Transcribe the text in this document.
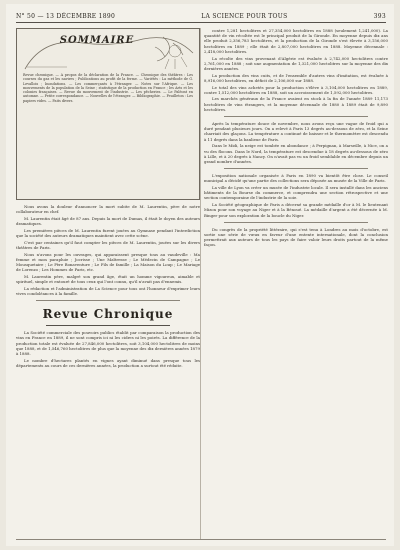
N° 50 — 13 DÉCEMBRE 1890	LA SCIENCE POUR TOUS	393
SOMMAIRE
Revue chronique. — A propos de la déclaration de la France. — Chronique des théâtres : Les courses du gaz et les navires ; Publications au profit de la ferme. — Variétés : La méthode de G. Levallois ; Inondations. — Les commerçants à l'étranger. — Notes sur l'Afrique. — Les mouvements de la population de la Seine ; statistique de la production en France ; les Arts et les colonies françaises. — Revue du mouvement de l'industrie. — Les pêcheries. — Le Paléont en automne. — Petite correspondance. — Nouvelles de l'étranger. — Bibliographie. — Feuilleton : Les papiers vides. — Faits divers.

Nous avons la douleur d'annoncer la mort subite de M. Laurentin, père de notre collaborateur en chef.

M. Laurentin était âgé de 87 ans. Depuis la mort de Dumas, il était le doyen des auteurs dramatiques.

Les premières pièces de M. Laurentin furent jouées au Gymnase pendant l'interdiction que la société des auteurs dramatiques maintient avec cette scène.

C'est par centaines qu'il faut compter les pièces de M. Laurentin, jouées sur les divers théâtres de Paris.

Nous n'avons pour les ouvrages, qui apparaissent presque tous au vaudeville : Ma femme et mon parapluie ; Jocrisse ; Une Maîtresse ; Le Médecin de Campagne ; Le Mousquetaire ; Le Père Bonaventure ; Le Fils de famille ; La Maison du Loup ; Le Mariage de Lorenzo ; Les Hommes de Paris, etc.

M. Laurentin père, malgré son grand âge, était un homme vigoureux, aimable et spirituel, simple et entouré de tous ceux qui l'ont connu, qu'il n'avait pas d'ennemis.

La rédaction et l'administration de La Science pour tous ont l'honneur d'exprimer leurs vives condoléances à la famille.

Revue Chronique

La Société commerciale des pouvoirs publics établit par comparaison la production des vins en France en 1889, il ne sont compris ici ni les cidres ni les poirés. La différence de la production totale est évaluée de 27,846,000 hectolitres, soit 3,104,000 hectolitres de moins que 1888, et de 1,546,760 hectolitres de plus que la moyenne des dix dernières années 1879 à 1888.

Le nombre d'hectares plantés en vignes ayant diminué dans presque tous les départements au cours de ces dernières années, la production a surtout été réduite.

contre 1,281 hectolitres et 27,354,000 hectolitres en 1888 (seulement 1,241,000). La quantité de vin récoltée est le principal produit de la Gironde. En moyenne depuis dix ans elle produit 2,356,783 hectolitres, et la production de la Gironde s'est élevée à 3,156,000 hectolitres en 1889 ; elle était de 2,807,000 hectolitres en 1888. Moyenne décennale : 2,418,000 hectolitres.

La récolte des vins provenant d'Algérie est évaluée à 2,742,000 hectolitres contre 2,761,000 en 1888 ; soit une augmentation de 1,321,000 hectolitres sur la moyenne des dix dernières années.

La production des vins cuits, et de l'ensemble d'autres vins d'imitation, est évaluée à 8,916,000 hectolitres, en déficit de 2,106,000 sur 1888.

Le total des vins achetés pour la production s'élève à 3,104,000 hectolitres en 1889, contre 1,512,000 hectolitres en 1888, soit un accroissement de 1,592,000 hectolitres.

Les marchés généraux de la France avaient en stock à la fin de l'année 1889 11,173 hectolitres de vins étrangers, et la moyenne décennale de 1880 à 1889 était de 9,890 hectolitres.

Après la température douce de novembre, nous avons reçu une vague de froid qui a duré pendant plusieurs jours. On a relevé à Paris 13 degrés au-dessous de zéro, et la Seine charriait des glaçons. La température a continué de baisser et le thermomètre est descendu à 11 degrés dans la banlieue de Paris.

Dans le Midi, la neige est tombée en abondance ; à Perpignan, à Marseille, à Nice, on a vu des flocons. Dans le Nord, la température est descendue à 18 degrés au-dessous de zéro à Lille, et à 20 degrés à Nancy. On n'avait pas vu un froid semblable en décembre depuis un grand nombre d'années.

L'exposition nationale organisée à Paris en 1890 va bientôt être close. Le conseil municipal a décidé qu'une partie des collections sera déposée au musée de la Ville de Paris.

La ville de Lyon va créer un musée de l'industrie locale. Il sera installé dans les anciens bâtiments de la Bourse du commerce, et comprendra une section rétrospective et une section contemporaine de l'industrie de la soie.

La Société géographique de Paris a décerné sa grande médaille d'or à M. le lieutenant Mizon pour son voyage au Niger et à la Bénoué. La médaille d'argent a été décernée à M. Binger pour son exploration de la boucle du Niger.

Du congrès de la propriété littéraire, qui s'est tenu à Londres au mois d'octobre, est sortie une série de vœux en faveur d'une entente internationale, dont la conclusion permettrait aux auteurs de tous les pays de faire valoir leurs droits partout de la même façon.
